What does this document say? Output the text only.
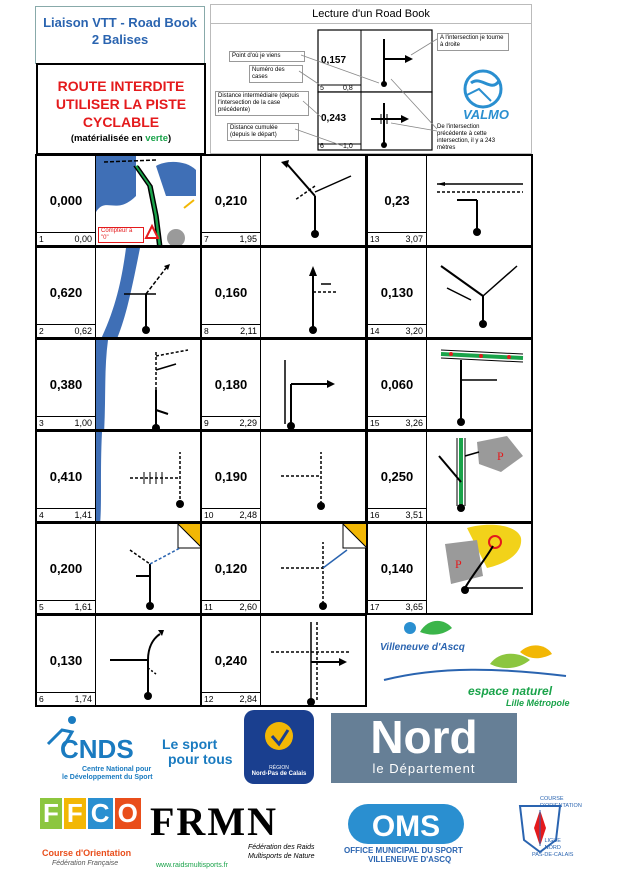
Liaison VTT - Road Book
2 Balises
ROUTE INTERDITE
UTILISER LA PISTE
CYCLABLE
(matérialisée en verte)
Lecture d'un Road Book
Point d'où je viens
Numéro des cases
Distance intermédiaire (depuis l'intersection de la case précédente)
Distance cumulée (depuis le départ)
A l'intersection je tourne à droite
De l'intersection précédente à cette intersection, il y a 243 mètres
0,157
5	0,8
0,243
6	1,0
VALMO
0,000
1	0,00
0,620
2	0,62
0,380
3	1,00
0,410
4	1,41
0,200
5	1,61
0,130
6	1,74
0,210
7	1,95
0,160
8	2,11
0,180
9	2,29
0,190
10	2,48
0,120
11	2,60
0,240
12	2,84
0,23
13	3,07
0,130
14	3,20
0,060
15	3,26
0,250
16	3,51
P
0,140
17	3,65
P
Villeneuve d'Ascq
espace naturel
Lille Métropole
CNDS Le sport
pour tous
Centre National pour
le Développement du Sport
RÉGION
Nord-Pas de Calais
Nord
le Département
F F C O
Course d'Orientation
Fédération Française
FRMN
Fédération des Raids
Multisports de Nature
www.raidsmultisports.fr
OMS
OFFICE MUNICIPAL DU SPORT
VILLENEUVE D'ASCQ
COURSE
D'ORIENTATION
LIGUE
NORD
PAS-DE-CALAIS
Compteur à "0"
